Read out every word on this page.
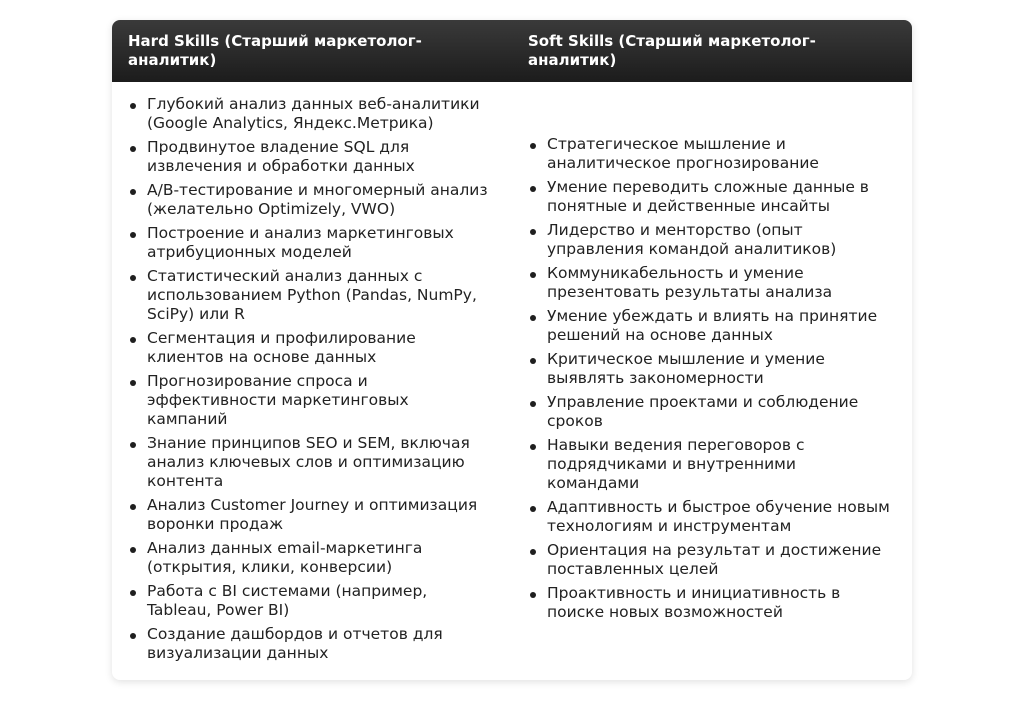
Hard Skills (Старший маркетолог-аналитик)
Soft Skills (Старший маркетолог-аналитик)
Глубокий анализ данных веб-аналитики (Google Analytics, Яндекс.Метрика)
Продвинутое владение SQL для извлечения и обработки данных
A/B-тестирование и многомерный анализ (желательно Optimizely, VWO)
Построение и анализ маркетинговых атрибуционных моделей
Статистический анализ данных с использованием Python (Pandas, NumPy, SciPy) или R
Сегментация и профилирование клиентов на основе данных
Прогнозирование спроса и эффективности маркетинговых кампаний
Знание принципов SEO и SEM, включая анализ ключевых слов и оптимизацию контента
Анализ Customer Journey и оптимизация воронки продаж
Анализ данных email-маркетинга (открытия, клики, конверсии)
Работа с BI системами (например, Tableau, Power BI)
Создание дашбордов и отчетов для визуализации данных
Стратегическое мышление и аналитическое прогнозирование
Умение переводить сложные данные в понятные и действенные инсайты
Лидерство и менторство (опыт управления командой аналитиков)
Коммуникабельность и умение презентовать результаты анализа
Умение убеждать и влиять на принятие решений на основе данных
Критическое мышление и умение выявлять закономерности
Управление проектами и соблюдение сроков
Навыки ведения переговоров с подрядчиками и внутренними командами
Адаптивность и быстрое обучение новым технологиям и инструментам
Ориентация на результат и достижение поставленных целей
Проактивность и инициативность в поиске новых возможностей
